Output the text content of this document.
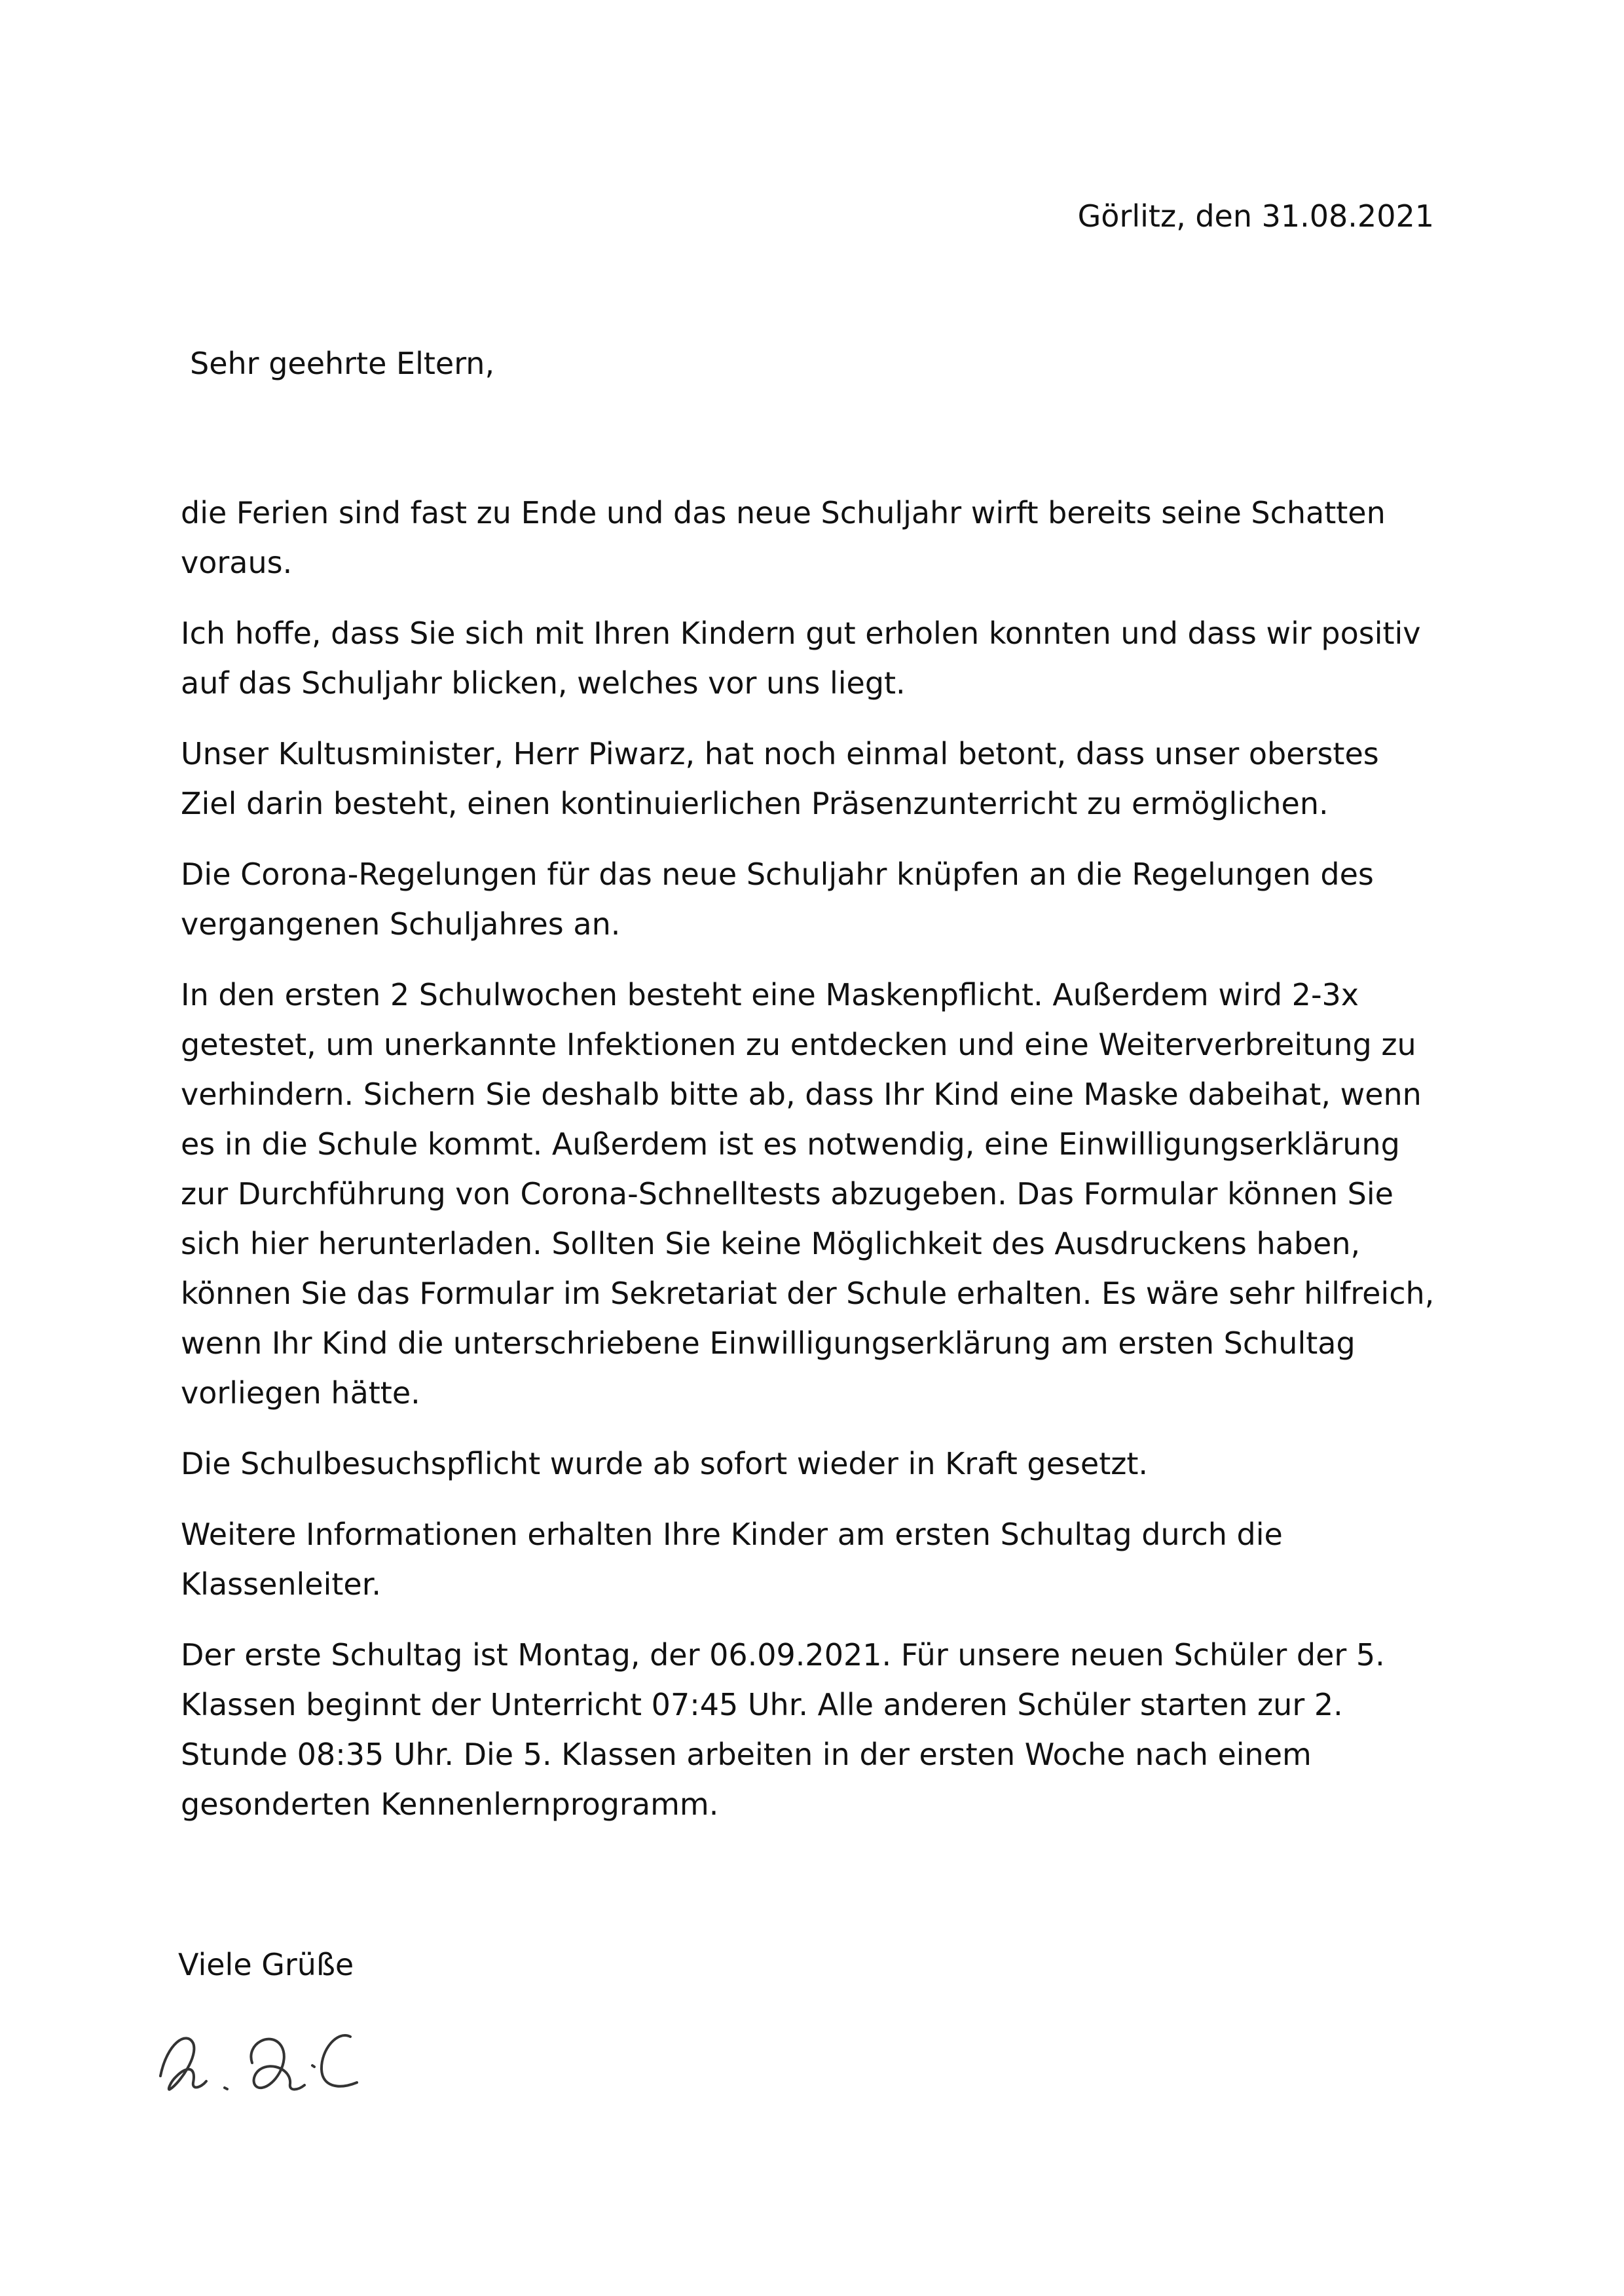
Görlitz, den 31.08.2021
Sehr geehrte Eltern,

die Ferien sind fast zu Ende und das neue Schuljahr wirft bereits seine Schatten voraus.

Ich hoffe, dass Sie sich mit Ihren Kindern gut erholen konnten und dass wir positiv auf das Schuljahr blicken, welches vor uns liegt.

Unser Kultusminister, Herr Piwarz, hat noch einmal betont, dass unser oberstes Ziel darin besteht, einen kontinuierlichen Präsenzunterricht zu ermöglichen.

Die Corona-Regelungen für das neue Schuljahr knüpfen an die Regelungen des vergangenen Schuljahres an.

In den ersten 2 Schulwochen besteht eine Maskenpflicht. Außerdem wird 2-3x getestet, um unerkannte Infektionen zu entdecken und eine Weiterverbreitung zu verhindern. Sichern Sie deshalb bitte ab, dass Ihr Kind eine Maske dabeihat, wenn es in die Schule kommt. Außerdem ist es notwendig, eine Einwilligungserklärung zur Durchführung von Corona-Schnelltests abzugeben. Das Formular können Sie sich hier herunterladen. Sollten Sie keine Möglichkeit des Ausdruckens haben, können Sie das Formular im Sekretariat der Schule erhalten. Es wäre sehr hilfreich, wenn Ihr Kind die unterschriebene Einwilligungserklärung am ersten Schultag vorliegen hätte.

Die Schulbesuchspflicht wurde ab sofort wieder in Kraft gesetzt.

Weitere Informationen erhalten Ihre Kinder am ersten Schultag durch die Klassenleiter.

Der erste Schultag ist Montag, der 06.09.2021. Für unsere neuen Schüler der 5. Klassen beginnt der Unterricht 07:45 Uhr. Alle anderen Schüler starten zur 2. Stunde 08:35 Uhr. Die 5. Klassen arbeiten in der ersten Woche nach einem gesonderten Kennenlernprogramm.

Viele Grüße
